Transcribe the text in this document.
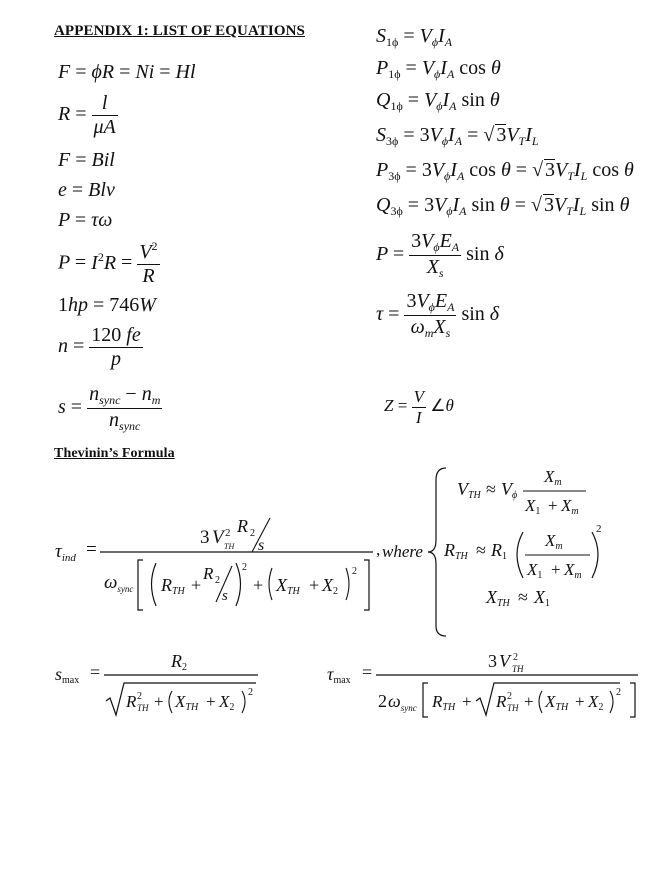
APPENDIX 1: LIST OF EQUATIONS
Thevinin’s Formula
F = ϕR = Ni = Hl
$R = \frac{l}{\mu A}$
F = Bil
e = Blv
P = τω
$P = I^2R = \frac{V^2}{R}$
1hp = 746W
$n = \frac{120 fe}{p}$
$s = \frac{n_{sync} - n_m}{n_{sync}}$
$S_{1\phi} = V_\phi I_A$
$P_{1\phi} = V_\phi I_A$ cos θ
$Q_{1\phi} = V_\phi I_A$ sin θ
$S_{3\phi} = 3V_\phi I_A$ = √ $3V_TI_L$
$P_{3\phi} = 3V_\phi I_A$ cos θ = √ $3V_TI_L$ cos θ
$Q_{3\phi} = 3V_\phi I_A$ sin θ = √ $3V_TI_L$ sin θ
$P = \frac{3V_\phi E_A}{X_s}$ sin δ
$\tau = \frac{3V_\phi E_A}{\omega_mX_s}$ sin δ
$Z = \frac{V}{I}$ ∠θ
$\tau_{ind}$ =
3 V 2
TH
R 2
s
$\omega_{sync}$ RTH +
R 2
s
2
+ XTH + X2
2
, where
VTH ≈ Vϕ
Xm
X1 + Xm
RTH ≈ R1
Xm
X1 + Xm
2
XTH ≈ X1
smax =
R2
R 2
TH + XTH + X2
2
τmax =
3 V 2
TH
2 $\omega_{sync}$ RTH + R 2
TH + XTH + X2
2
